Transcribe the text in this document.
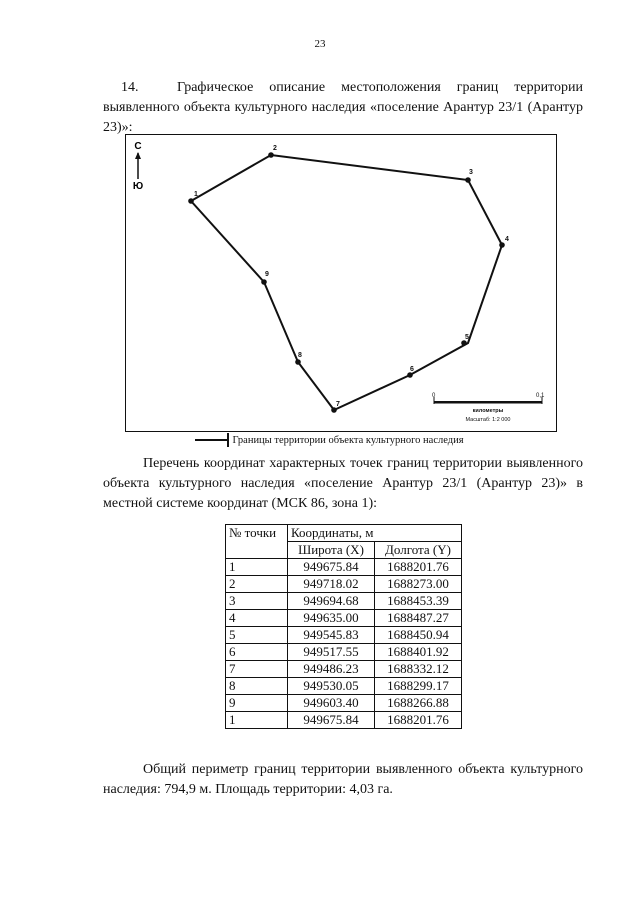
23
14.	Графическое описание местоположения границ территории выявленного объекта культурного наследия «поселение Арантур 23/1 (Арантур 23)»:
С
Ю
1
2
3
4
5
6
7
8
9
0	0,1
километры
Масштаб: 1:2 000
Границы территории объекта культурного наследия
Перечень координат характерных точек границ территории выявленного объекта культурного наследия «поселение Арантур 23/1 (Арантур 23)» в местной системе координат (МСК 86, зона 1):
№ точки	Координаты, м	
	Широта (X)	Долгота (Y)
1	949675.84	1688201.76
2	949718.02	1688273.00
3	949694.68	1688453.39
4	949635.00	1688487.27
5	949545.83	1688450.94
6	949517.55	1688401.92
7	949486.23	1688332.12
8	949530.05	1688299.17
9	949603.40	1688266.88
1	949675.84	1688201.76
Общий периметр границ территории выявленного объекта культурного наследия: 794,9 м. Площадь территории: 4,03 га.
